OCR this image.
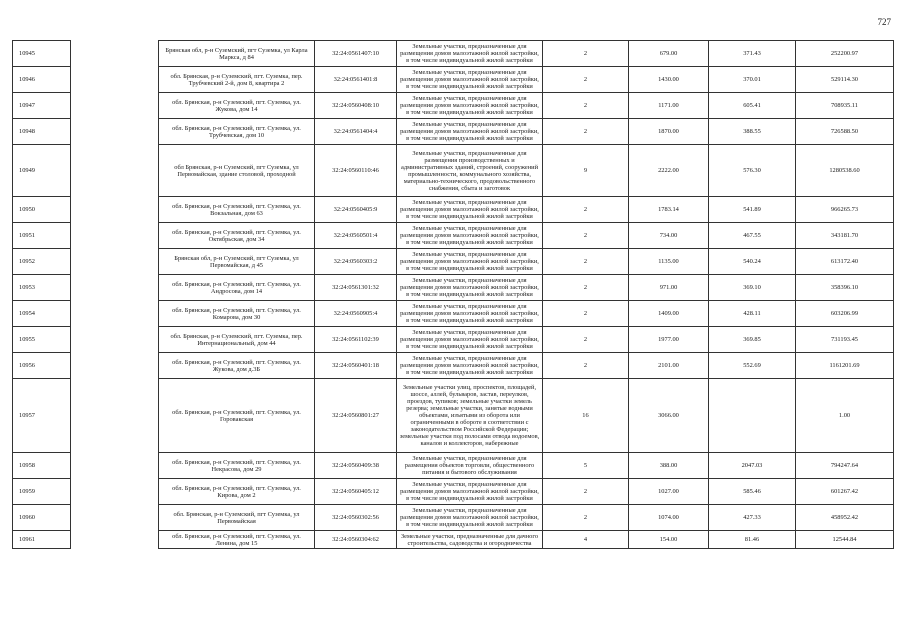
727
10945		Брянская обл, р-н Суземский, пгт Суземка, ул Карла Маркса, д 84	32:24:0561407:10	Земельные участки, предназначенные для размещения домов малоэтажной жилой застройки, в том числе индивидуальной жилой застройки	2	679.00	371.43	252200.97
10946		обл. Брянская, р-н Суземский, пгт. Суземка, пер. Трубчевский 2-й, дом 8, квартира 2	32:24:0561401:8	Земельные участки, предназначенные для размещения домов малоэтажной жилой застройки, в том числе индивидуальной жилой застройки	2	1430.00	370.01	529114.30
10947		обл. Брянская, р-н Суземский, пгт. Суземка, ул. Жукова, дом 14	32:24:0560408:10	Земельные участки, предназначенные для размещения домов малоэтажной жилой застройки, в том числе индивидуальной жилой застройки	2	1171.00	605.41	708935.11
10948		обл. Брянская, р-н Суземский, пгт. Суземка, ул. Трубчевская, дом 10	32:24:0561404:4	Земельные участки, предназначенные для размещения домов малоэтажной жилой застройки, в том числе индивидуальной жилой застройки	2	1870.00	388.55	726588.50
10949		обл Брянская, р-н Суземский, пгт Суземка, ул Первомайская, здание столовой, проходной	32:24:0560110:46	Земельные участки, предназначенные для размещения производственных и административных зданий, строений, сооружений промышленности, коммунального хозяйства, материально-технического, продовольственного снабжения, сбыта и заготовок	9	2222.00	576.30	1280538.60
10950		обл. Брянская, р-н Суземский, пгт. Суземка, ул. Вокзальная, дом 63	32:24:0560405:9	Земельные участки, предназначенные для размещения домов малоэтажной жилой застройки, в том числе индивидуальной жилой застройки	2	1783.14	541.89	966265.73
10951		обл. Брянская, р-н Суземский, пгт. Суземка, ул. Октябрьская, дом 34	32:24:0560501:4	Земельные участки, предназначенные для размещения домов малоэтажной жилой застройки, в том числе индивидуальной жилой застройки	2	734.00	467.55	343181.70
10952		Брянская обл, р-н Суземский, пгт Суземка, ул Первомайская, д 45	32:24:0560303:2	Земельные участки, предназначенные для размещения домов малоэтажной жилой застройки, в том числе индивидуальной жилой застройки	2	1135.00	540.24	613172.40
10953		обл. Брянская, р-н Суземский, пгт. Суземка, ул. Андросова, дом 14	32:24:0561301:32	Земельные участки, предназначенные для размещения домов малоэтажной жилой застройки, в том числе индивидуальной жилой застройки	2	971.00	369.10	358396.10
10954		обл. Брянская, р-н Суземский, пгт. Суземка, ул. Комарова, дом 30	32:24:0560905:4	Земельные участки, предназначенные для размещения домов малоэтажной жилой застройки, в том числе индивидуальной жилой застройки	2	1409.00	428.11	603206.99
10955		обл. Брянская, р-н Суземский, пгт. Суземка, пер. Интернациональный, дом 44	32:24:0561102:39	Земельные участки, предназначенные для размещения домов малоэтажной жилой застройки, в том числе индивидуальной жилой застройки	2	1977.00	369.85	731193.45
10956		обл. Брянская, р-н Суземский, пгт. Суземка, ул. Жукова, дом д.3Б	32:24:0560401:18	Земельные участки, предназначенные для размещения домов малоэтажной жилой застройки, в том числе индивидуальной жилой застройки	2	2101.00	552.69	1161201.69
10957		обл. Брянская, р-н Суземский, пгт. Суземка, ул. Горовакская	32:24:0560801:27	Земельные участки улиц, проспектов, площадей, шоссе, аллей, бульваров, застав, переулков, проездов, тупиков; земельные участки земель резерва; земельные участки, занятые водными объектами, изъятыми из оборота или ограниченными в обороте в соответствии с законодательством Российской Федерации; земельные участки под полосами отвода водоемов, каналов и коллекторов, набережные	16	3066.00		1.00
10958		обл. Брянская, р-н Суземский, пгт. Суземка, ул. Некрасова, дом 29	32:24:0560409:38	Земельные участки, предназначенные для размещения объектов торговли, общественного питания и бытового обслуживания	5	388.00	2047.03	794247.64
10959		обл. Брянская, р-н Суземский, пгт. Суземка, ул. Кирова, дом 2	32:24:0560405:12	Земельные участки, предназначенные для размещения домов малоэтажной жилой застройки, в том числе индивидуальной жилой застройки	2	1027.00	585.46	601267.42
10960		обл. Брянская, р-н Суземский, пгт Суземка, ул Первомайская	32:24:0560302:56	Земельные участки, предназначенные для размещения домов малоэтажной жилой застройки, в том числе индивидуальной жилой застройки	2	1074.00	427.33	458952.42
10961		обл. Брянская, р-н Суземский, пгт. Суземка, ул. Ленина, дом 15	32:24:0560304:62	Земельные участки, предназначенные для дачного строительства, садоводства и огородничества	4	154.00	81.46	12544.84
